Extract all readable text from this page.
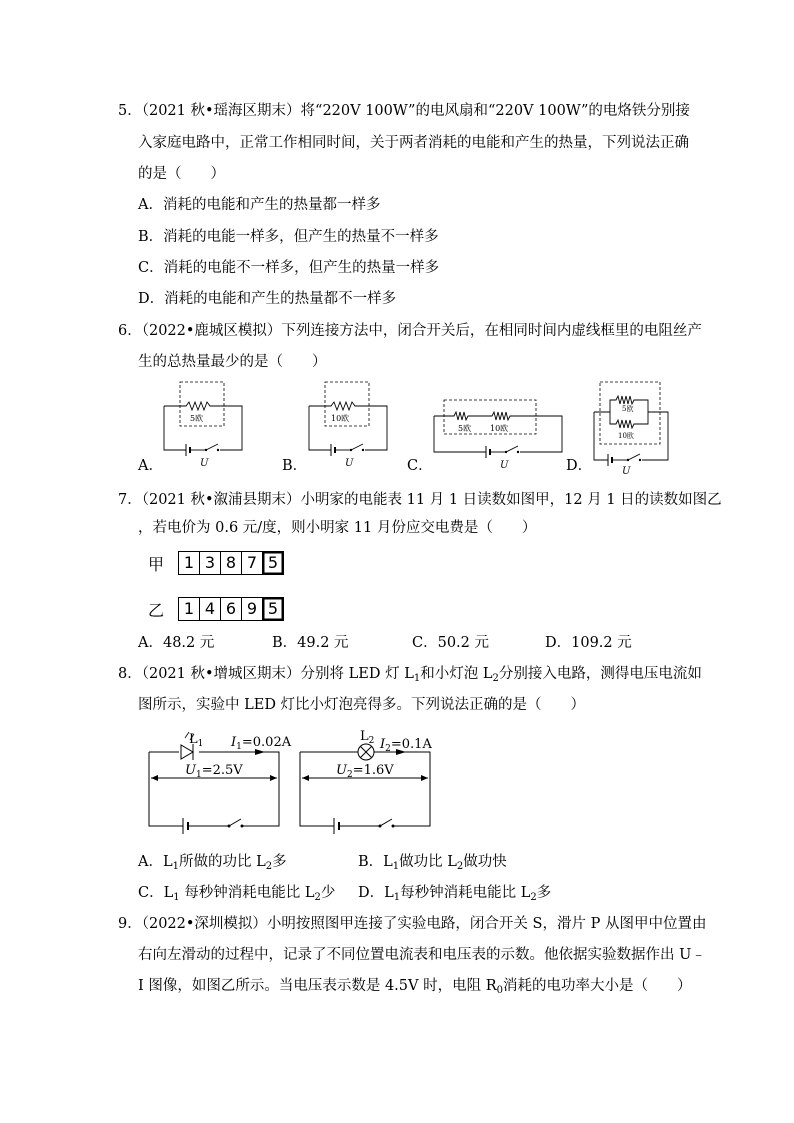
5．（2021 秋•瑶海区期末）将“220V 100W”的电风扇和“220V 100W”的电烙铁分别接
入家庭电路中，正常工作相同时间，关于两者消耗的电能和产生的热量，下列说法正确
的是（　　）
A．消耗的电能和产生的热量都一样多
B．消耗的电能一样多，但产生的热量不一样多
C．消耗的电能不一样多，但产生的热量一样多
D．消耗的电能和产生的热量都不一样多
6．（2022•鹿城区模拟）下列连接方法中，闭合开关后，在相同时间内虚线框里的电阻丝产
生的总热量最少的是（　　）
5欧
U
A．
10欧
U
B．
5欧 10欧
U
C．
5欧
10欧
U
D．
7．（2021 秋•溆浦县期末）小明家的电能表 11 月 1 日读数如图甲，12 月 1 日的读数如图乙
，若电价为 0.6 元/度，则小明家 11 月份应交电费是（　　）
甲	1 3 8 7 5
乙	1 4 6 9 5
A．48.2 元	B．49.2 元	C．50.2 元	D．109.2 元
8．（2021 秋•增城区期末）分别将 LED 灯 $L_1$和小灯泡 $L_2$分别接入电路，测得电压电流如
图所示，实验中 LED 灯比小灯泡亮得多。下列说法正确的是（　　）
$L_1$ $I_1=0.02A$
$U_1=2.5V$
$L_2$ $I_2=0.1A$
$U_2=1.6V$
A．$L_1$所做的功比 $L_2$多	B．$L_1$做功比 $L_2$做功快
C．$L_1$ 每秒钟消耗电能比 $L_2$少 D．$L_1$每秒钟消耗电能比 $L_2$多
9．（2022•深圳模拟）小明按照图甲连接了实验电路，闭合开关 S，滑片 P 从图甲中位置由
右向左滑动的过程中，记录了不同位置电流表和电压表的示数。他依据实验数据作出 U﹣
I 图像，如图乙所示。当电压表示数是 4.5V 时，电阻 $R_0$消耗的电功率大小是（　　）
